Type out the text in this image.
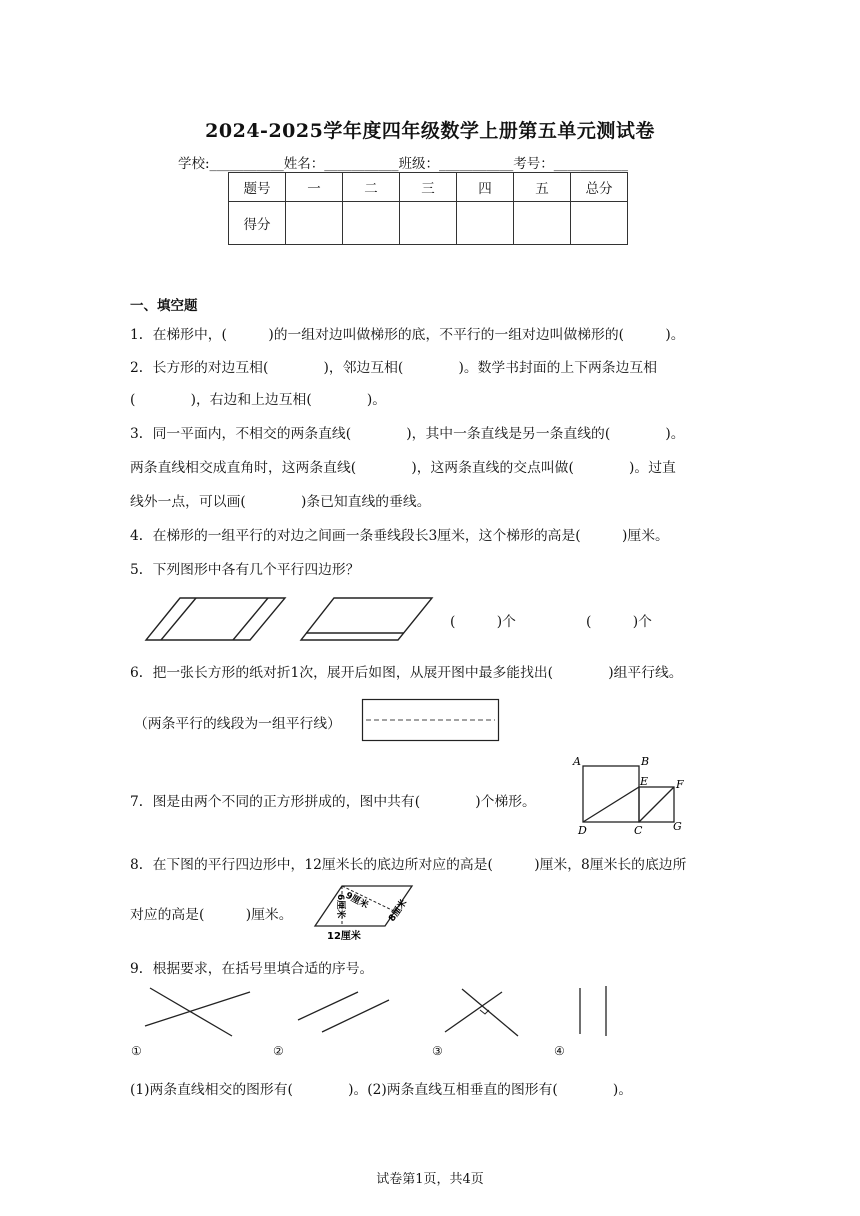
2024-2025学年度四年级数学上册第五单元测试卷
学校:___________姓名：___________班级：___________考号：___________
题号	一	二	三	四	五	总分
得分						
一、填空题
1．在梯形中，(　　　)的一组对边叫做梯形的底，不平行的一组对边叫做梯形的(　　　)。
2．长方形的对边互相(　　　　)，邻边互相(　　　　)。数学书封面的上下两条边互相
(　　　　)，右边和上边互相(　　　　)。
3．同一平面内，不相交的两条直线(　　　　)，其中一条直线是另一条直线的(　　　　)。
两条直线相交成直角时，这两条直线(　　　　)，这两条直线的交点叫做(　　　　)。过直
线外一点，可以画(　　　　)条已知直线的垂线。
4．在梯形的一组平行的对边之间画一条垂线段长3厘米，这个梯形的高是(　　　)厘米。
5．下列图形中各有几个平行四边形？
(　　　)个	(　　　)个
6．把一张长方形的纸对折1次，展开后如图，从展开图中最多能找出(　　　　)组平行线。
（两条平行的线段为一组平行线）
7．图是由两个不同的正方形拼成的，图中共有(　　　　)个梯形。
A	B
E	F
D	C	G
8．在下图的平行四边形中，12厘米长的底边所对应的高是(　　　)厘米，8厘米长的底边所
对应的高是(　　　)厘米。
9厘米
6厘米	8厘米
12厘米
9．根据要求，在括号里填合适的序号。
①	②	③	④
(1)两条直线相交的图形有(　　　　)。(2)两条直线互相垂直的图形有(　　　　)。
试卷第1页，共4页
